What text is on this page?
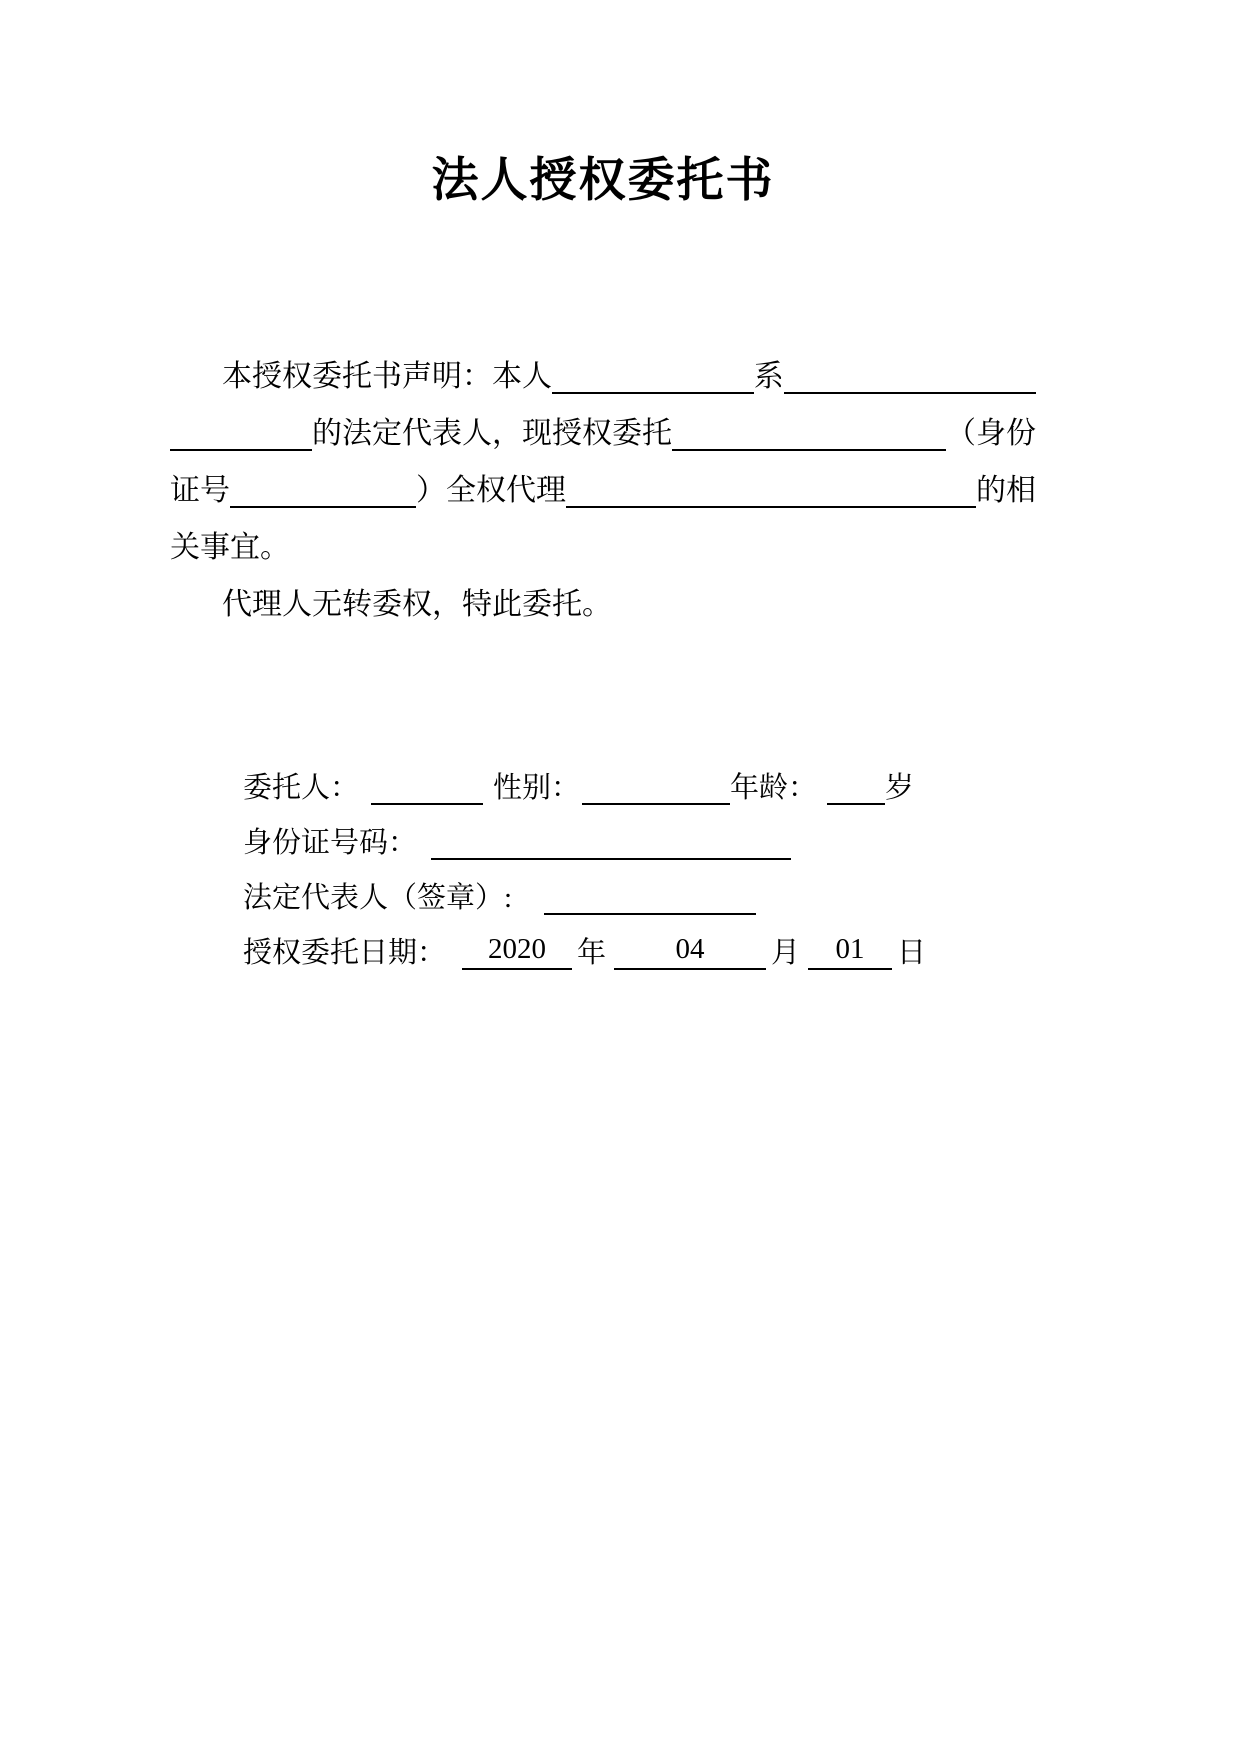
法人授权委托书
本授权委托书声明：本人	系
的法定代表人，现授权委托	（身份
证号	）全权代理	的相
关事宜。
代理人无转委权，特此委托。
委托人：	性别：	年龄： 岁
身份证号码：
法定代表人（签章）:
授权委托日期： 2020 年 04 月 01 日
